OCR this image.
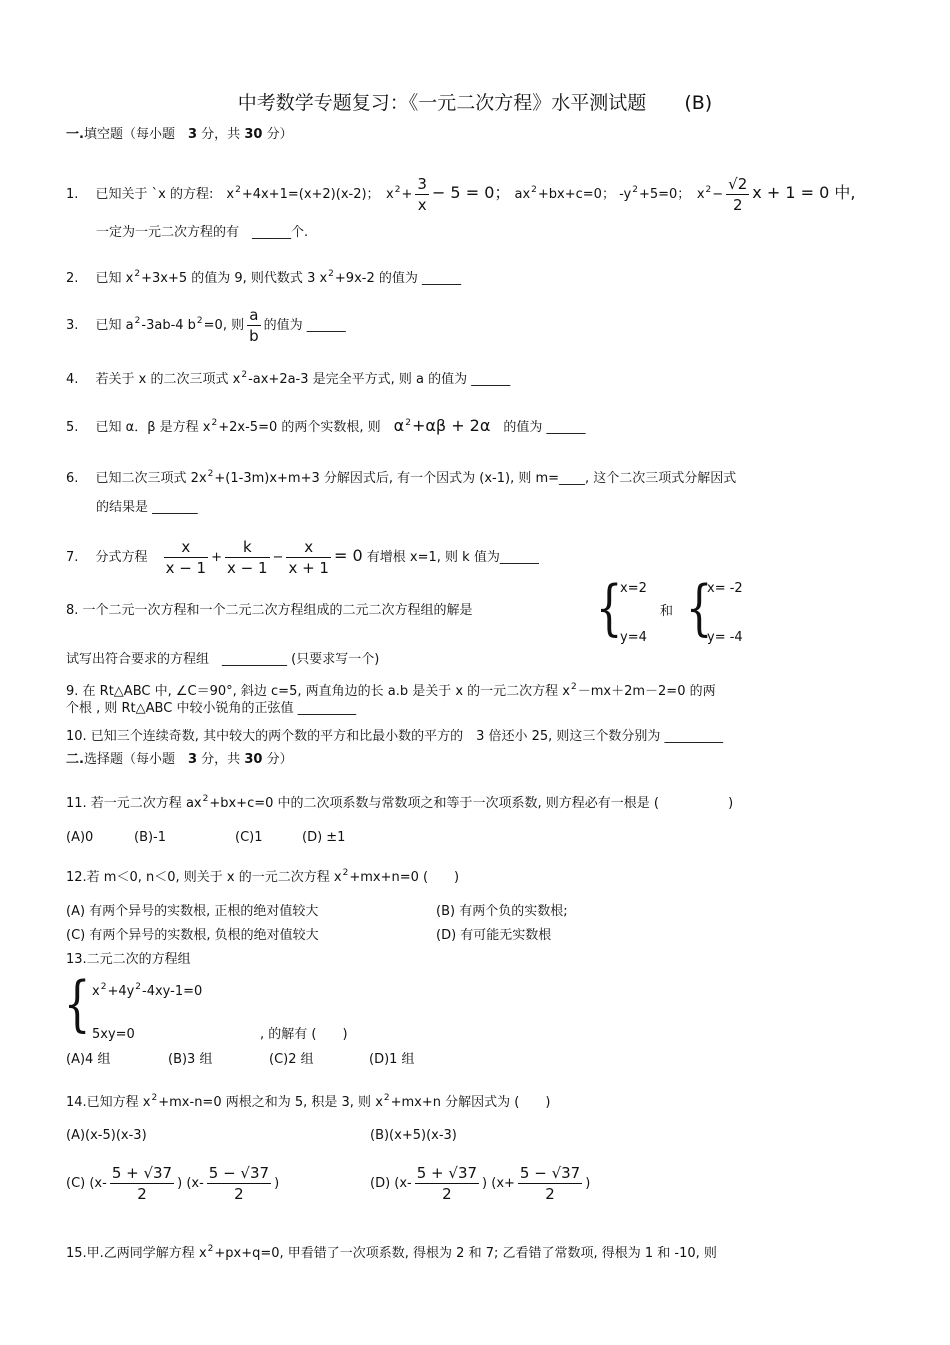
中考数学专题复习：《一元二次方程》水平测试题　　 (B)
一.填空题（每小题　 3 分，共 30 分）
1.　 已知关于 `x 的方程:　$x^2+4x+1=(x+2)(x-2)$；　$x^2+ \frac{3}{x} - 5 = 0$； $ax^2+bx+c=0$； $-y^2+5=0$；　$x^2- \frac{√2}{2}$ x + 1 = 0 中,
一定为一元二次方程的有　______个.
2.　 已知 $x^2+3x+5$ 的值为 9, 则代数式 3 $x^2+9x-2$ 的值为 ______
3.　 已知 $a^2-3ab-4$ $b^2=0$, 则 $\frac{a}{b}$ 的值为 ______
4.　 若关于 x 的二次三项式 $x^2-ax+2a-3$ 是完全平方式, 则 a 的值为 ______
5.　 已知 α．β 是方程 $x^2+2x-5=0$ 的两个实数根, 则　 $\alpha^2+\alpha\beta + 2\alpha$　 的值为 ______
6.　 已知二次三项式 $2x^2+(1-3m)x+m+3$ 分解因式后, 有一个因式为 (x-1), 则 m=____, 这个二次三项式分解因式
的结果是 _______
7.　 分式方程　 $\frac{x}{x - 1} + \frac{k}{x - 1} - \frac{x}{x + 1} = 0$ 有增根 x=1, 则 k 值为______
8. 一个二元一次方程和一个二元二次方程组成的二元二次方程组的解是 {
x=2
y=4
和 {
x= -2
y= -4
试写出符合要求的方程组　__________ (只要求写一个)
9. 在 Rt△ABC 中, ∠C＝90°, 斜边 c=5, 两直角边的长 a.b 是关于 x 的一元二次方程 $x^2-mx+2m-2=0$ 的两
个根 , 则 Rt△ABC 中较小锐角的正弦值 _________
10. 已知三个连续奇数, 其中较大的两个数的平方和比最小数的平方的　3 倍还小 25, 则这三个数分别为 _________
二.选择题（每小题　 3 分，共 30 分）
11. 若一元二次方程 $ax^2+bx+c=0$ 中的二次项系数与常数项之和等于一次项系数, 则方程必有一根是 (　　　　　 )
(A)0	(B)-1	(C)1	(D) ±1
12.若 m＜0, n＜0, 则关于 x 的一元二次方程 $x^2+mx+n=0$ (　　)
(A) 有两个异号的实数根, 正根的绝对值较大	(B) 有两个负的实数根;
(C) 有两个异号的实数根, 负根的绝对值较大	(D) 有可能无实数根
13.二元二次的方程组
{ $x^2+4y^2-4xy-1=0$
5xy=0	, 的解有 (　　)
(A)4 组	(B)3 组	(C)2 组	(D)1 组
14.已知方程 $x^2+mx-n=0$ 两根之和为 5, 积是 3, 则 $x^2+mx+n$ 分解因式为 (　　)
(A)(x-5)(x-3)	(B)(x+5)(x-3)
(C) ($x- \frac{5 + √37}{2}$ ) ($x- \frac{5 - √37}{2}$ )	(D) ($x- \frac{5 + √37}{2}$ ) ($x+ \frac{5 - √37}{2}$ )
15.甲.乙两同学解方程 $x^2+px+q=0$, 甲看错了一次项系数, 得根为 2 和 7; 乙看错了常数项, 得根为 1 和 -10, 则
